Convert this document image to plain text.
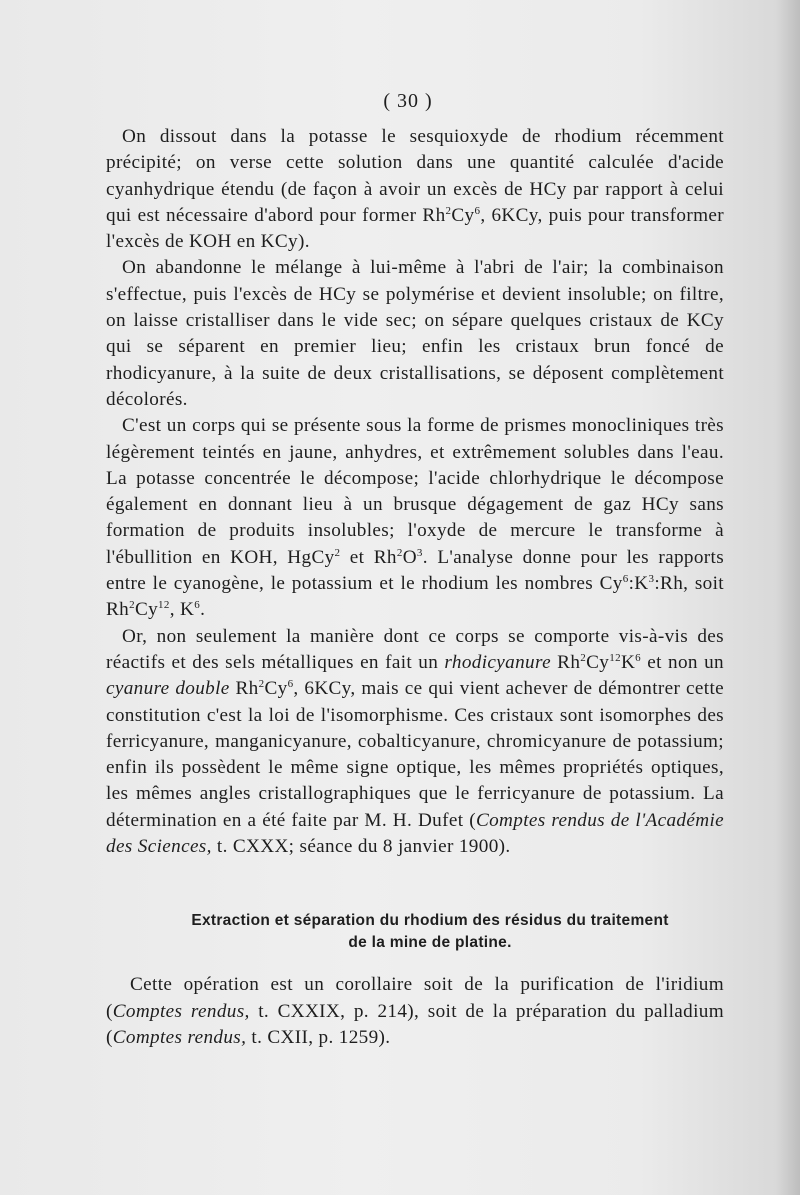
( 30 )

On dissout dans la potasse le sesquioxyde de rhodium récemment précipité; on verse cette solution dans une quantité calculée d'acide cyanhydrique étendu (de façon à avoir un excès de HCy par rapport à celui qui est nécessaire d'abord pour former Rh$^2$Cy$^6$, 6KCy, puis pour transformer l'excès de KOH en KCy).

On abandonne le mélange à lui-même à l'abri de l'air; la combinaison s'effectue, puis l'excès de HCy se polymérise et devient insoluble; on filtre, on laisse cristalliser dans le vide sec; on sépare quelques cristaux de KCy qui se séparent en premier lieu; enfin les cristaux brun foncé de rhodicyanure, à la suite de deux cristallisations, se déposent complètement décolorés.

C'est un corps qui se présente sous la forme de prismes monocliniques très légèrement teintés en jaune, anhydres, et extrêmement solubles dans l'eau. La potasse concentrée le décompose; l'acide chlorhydrique le décompose également en donnant lieu à un brusque dégagement de gaz HCy sans formation de produits insolubles; l'oxyde de mercure le transforme à l'ébullition en KOH, HgCy$^2$ et $Rh^2O^3$. L'analyse donne pour les rapports entre le cyanogène, le potassium et le rhodium les nombres $Cy^6:K^3:Rh$, soit Rh$^2$Cy$^{12}$, $K^6$.

Or, non seulement la manière dont ce corps se comporte vis-à-vis des réactifs et des sels métalliques en fait un rhodicyanure $Rh^2Cy^{12}K^6$ et non un cyanure double Rh$^2$Cy$^6$, 6KCy, mais ce qui vient achever de démontrer cette constitution c'est la loi de l'isomorphisme. Ces cristaux sont isomorphes des ferricyanure, manganicyanure, cobalticyanure, chromicyanure de potassium; enfin ils possèdent le même signe optique, les mêmes propriétés optiques, les mêmes angles cristallographiques que le ferricyanure de potassium. La détermination en a été faite par M. H. Dufet (Comptes rendus de l'Académie des Sciences, t. CXXX; séance du 8 janvier 1900).

Extraction et séparation du rhodium des résidus du traitement
de la mine de platine.

Cette opération est un corollaire soit de la purification de l'iridium (Comptes rendus, t. CXXIX, p. 214), soit de la préparation du palladium (Comptes rendus, t. CXII, p. 1259).
